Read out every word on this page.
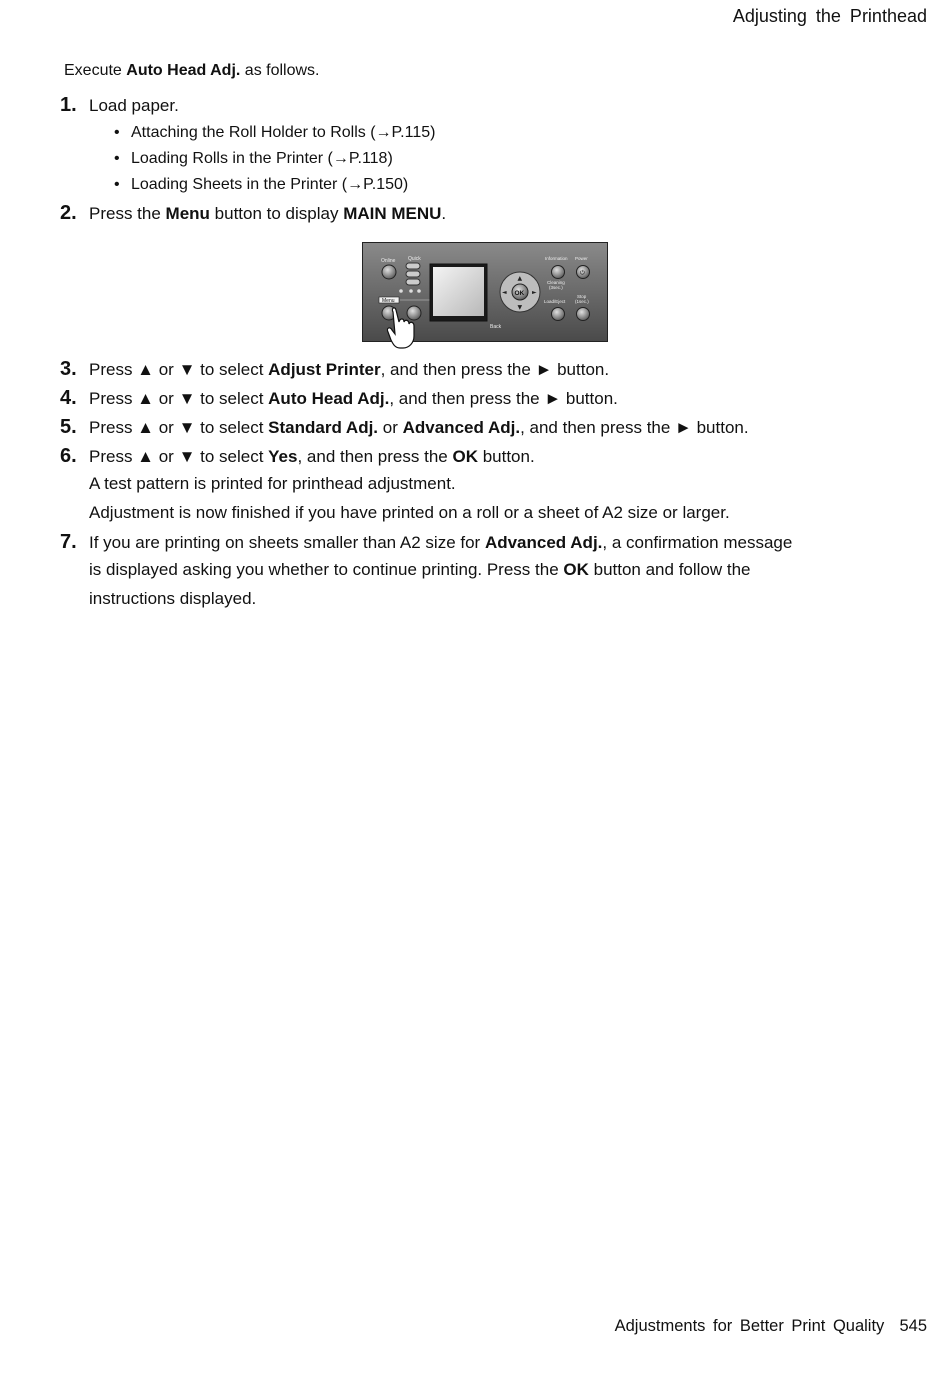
Adjusting the Printhead
Execute Auto Head Adj. as follows.
1. Load paper.
• Attaching the Roll Holder to Rolls (→P.115)
• Loading Rolls in the Printer (→P.118)
• Loading Sheets in the Printer (→P.150)
2. Press the Menu button to display MAIN MENU.
Online	Quick
Menu
Back
OK
▲
▼
◄	►
Information Power
⏻
Cleaning
(3sec.)
Stop
(1sec.)
Load/Eject
3. Press ▲ or ▼ to select Adjust Printer, and then press the ► button.
4. Press ▲ or ▼ to select Auto Head Adj., and then press the ► button.
5. Press ▲ or ▼ to select Standard Adj. or Advanced Adj., and then press the ► button.
6. Press ▲ or ▼ to select Yes, and then press the OK button.
A test pattern is printed for printhead adjustment.
Adjustment is now finished if you have printed on a roll or a sheet of A2 size or larger.
7. If you are printing on sheets smaller than A2 size for Advanced Adj., a confirmation message
is displayed asking you whether to continue printing. Press the OK button and follow the
instructions displayed.
Adjustments for Better Print Quality 545
